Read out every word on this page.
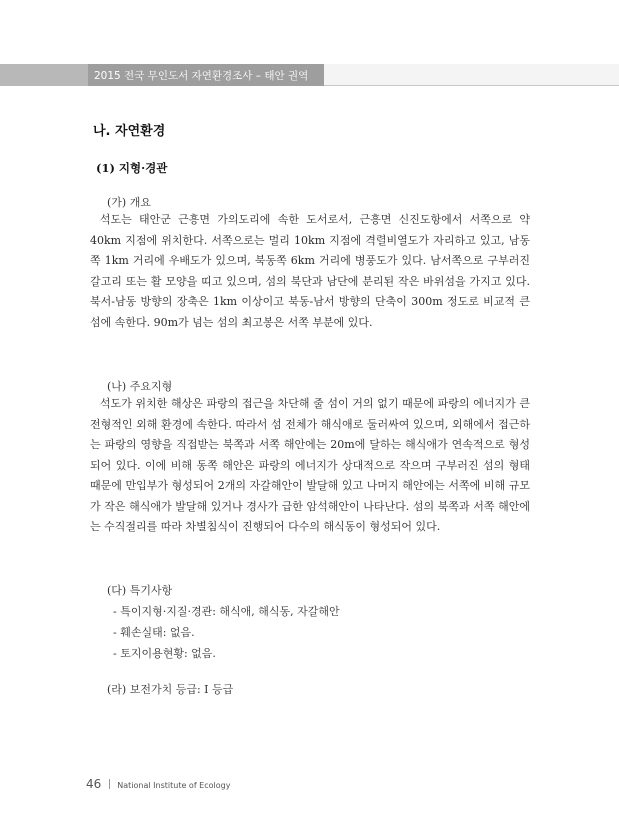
2015 전국 무인도서 자연환경조사 – 태안 권역
나. 자연환경
(1) 지형·경관
(가) 개요

석도는 태안군 근흥면 가의도리에 속한 도서로서, 근흥면 신진도항에서 서쪽으로 약 40km 지점에 위치한다. 서쪽으로는 멀리 10km 지점에 격렬비열도가 자리하고 있고, 남동쪽 1km 거리에 우배도가 있으며, 북동쪽 6km 거리에 병풍도가 있다. 남서쪽으로 구부러진 갈고리 또는 활 모양을 띠고 있으며, 섬의 북단과 남단에 분리된 작은 바위섬을 가지고 있다. 북서-남동 방향의 장축은 1km 이상이고 북동-남서 방향의 단축이 300m 정도로 비교적 큰 섬에 속한다. 90m가 넘는 섬의 최고봉은 서쪽 부분에 있다.

(나) 주요지형

석도가 위치한 해상은 파랑의 접근을 차단해 줄 섬이 거의 없기 때문에 파랑의 에너지가 큰 전형적인 외해 환경에 속한다. 따라서 섬 전체가 해식애로 둘러싸여 있으며, 외해에서 접근하는 파랑의 영향을 직접받는 북쪽과 서쪽 해안에는 20m에 달하는 해식애가 연속적으로 형성되어 있다. 이에 비해 동쪽 해안은 파랑의 에너지가 상대적으로 작으며 구부러진 섬의 형태 때문에 만입부가 형성되어 2개의 자갈해안이 발달해 있고 나머지 해안에는 서쪽에 비해 규모가 작은 해식애가 발달해 있거나 경사가 급한 암석해안이 나타난다. 섬의 북쪽과 서쪽 해안에는 수직절리를 따라 차별침식이 진행되어 다수의 해식동이 형성되어 있다.

(다) 특기사항
- 특이지형·지질·경관: 해식애, 해식동, 자갈해안
- 훼손실태: 없음.
- 토지이용현황: 없음.
(라) 보전가치 등급: Ⅰ 등급
46 National Institute of Ecology
